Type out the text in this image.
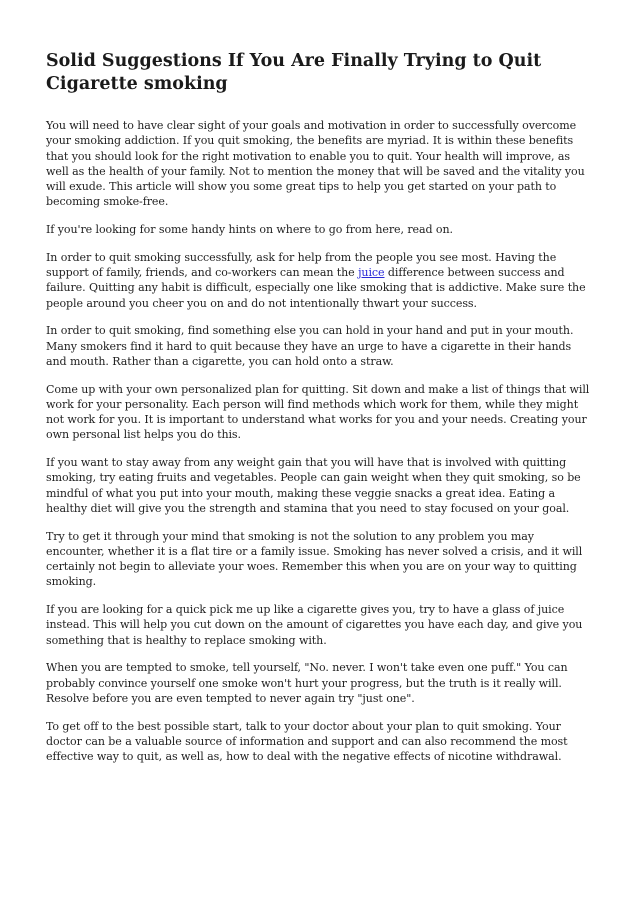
Solid Suggestions If You Are Finally Trying to Quit Cigarette smoking

You will need to have clear sight of your goals and motivation in order to successfully overcome your smoking addiction. If you quit smoking, the benefits are myriad. It is within these benefits that you should look for the right motivation to enable you to quit. Your health will improve, as well as the health of your family. Not to mention the money that will be saved and the vitality you will exude. This article will show you some great tips to help you get started on your path to becoming smoke-free.

If you're looking for some handy hints on where to go from here, read on.

In order to quit smoking successfully, ask for help from the people you see most. Having the support of family, friends, and co-workers can mean the juice difference between success and failure. Quitting any habit is difficult, especially one like smoking that is addictive. Make sure the people around you cheer you on and do not intentionally thwart your success.

In order to quit smoking, find something else you can hold in your hand and put in your mouth. Many smokers find it hard to quit because they have an urge to have a cigarette in their hands and mouth. Rather than a cigarette, you can hold onto a straw.

Come up with your own personalized plan for quitting. Sit down and make a list of things that will work for your personality. Each person will find methods which work for them, while they might not work for you. It is important to understand what works for you and your needs. Creating your own personal list helps you do this.

If you want to stay away from any weight gain that you will have that is involved with quitting smoking, try eating fruits and vegetables. People can gain weight when they quit smoking, so be mindful of what you put into your mouth, making these veggie snacks a great idea. Eating a healthy diet will give you the strength and stamina that you need to stay focused on your goal.

Try to get it through your mind that smoking is not the solution to any problem you may encounter, whether it is a flat tire or a family issue. Smoking has never solved a crisis, and it will certainly not begin to alleviate your woes. Remember this when you are on your way to quitting smoking.

If you are looking for a quick pick me up like a cigarette gives you, try to have a glass of juice instead. This will help you cut down on the amount of cigarettes you have each day, and give you something that is healthy to replace smoking with.

When you are tempted to smoke, tell yourself, "No. never. I won't take even one puff." You can probably convince yourself one smoke won't hurt your progress, but the truth is it really will. Resolve before you are even tempted to never again try "just one".

To get off to the best possible start, talk to your doctor about your plan to quit smoking. Your doctor can be a valuable source of information and support and can also recommend the most effective way to quit, as well as, how to deal with the negative effects of nicotine withdrawal.
